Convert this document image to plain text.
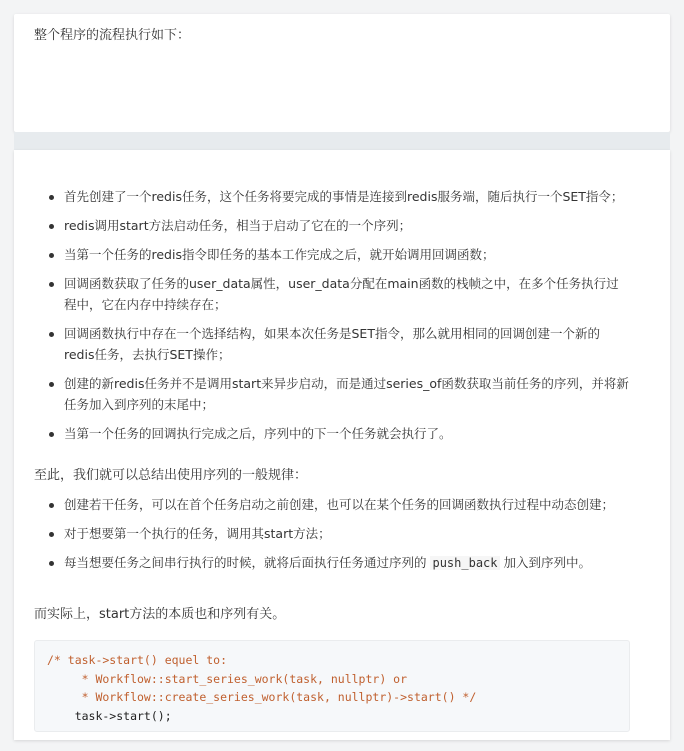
整个程序的流程执行如下：
首先创建了一个redis任务，这个任务将要完成的事情是连接到redis服务端，随后执行一个SET指令；
redis调用start方法启动任务，相当于启动了它在的一个序列；
当第一个任务的redis指令即任务的基本工作完成之后，就开始调用回调函数；
回调函数获取了任务的user_data属性，user_data分配在main函数的栈帧之中，在多个任务执行过程中，它在内存中持续存在；
回调函数执行中存在一个选择结构，如果本次任务是SET指令，那么就用相同的回调创建一个新的redis任务，去执行SET操作；
创建的新redis任务并不是调用start来异步启动，而是通过series_of函数获取当前任务的序列，并将新任务加入到序列的末尾中；
当第一个任务的回调执行完成之后，序列中的下一个任务就会执行了。
至此，我们就可以总结出使用序列的一般规律：
创建若干任务，可以在首个任务启动之前创建，也可以在某个任务的回调函数执行过程中动态创建；
对于想要第一个执行的任务，调用其start方法；
每当想要任务之间串行执行的时候，就将后面执行任务通过序列的 push_back 加入到序列中。
而实际上，start方法的本质也和序列有关。
/* task->start() equel to:
* Workflow::start_series_work(task, nullptr) or
* Workflow::create_series_work(task, nullptr)->start() */
task->start();
